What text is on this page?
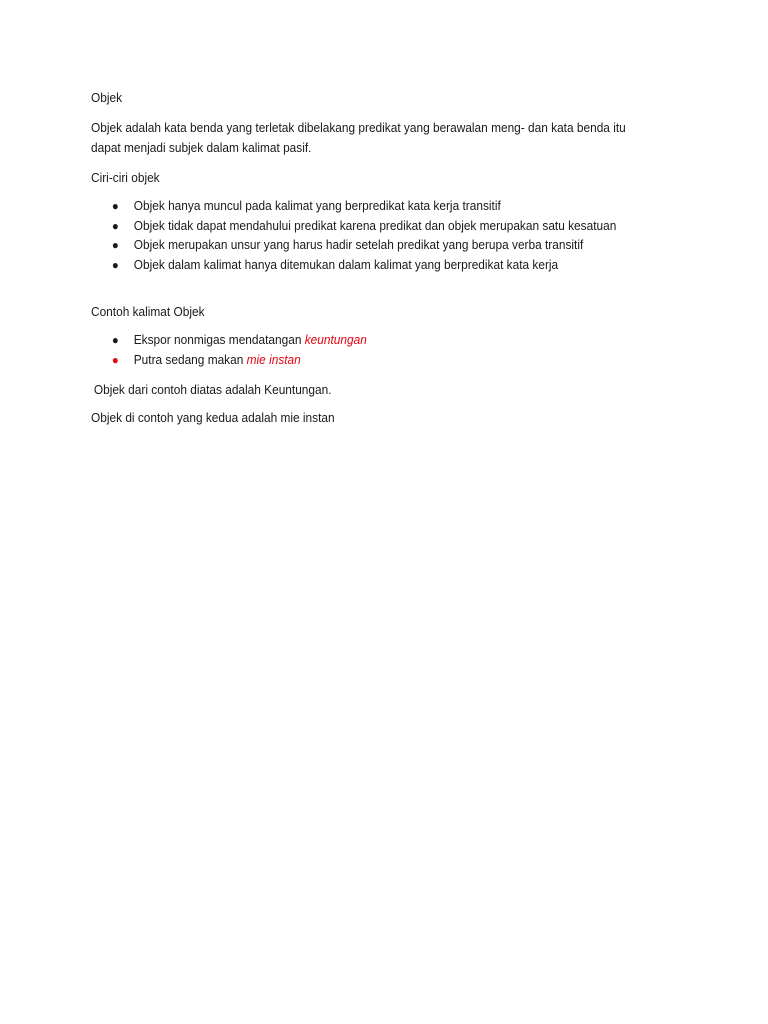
Objek

Objek adalah kata benda yang terletak dibelakang predikat yang berawalan meng- dan kata benda itu

dapat menjadi subjek dalam kalimat pasif.

Ciri-ciri objek

● Objek hanya muncul pada kalimat yang berpredikat kata kerja transitif
● Objek tidak dapat mendahului predikat karena predikat dan objek merupakan satu kesatuan
● Objek merupakan unsur yang harus hadir setelah predikat yang berupa verba transitif
● Objek dalam kalimat hanya ditemukan dalam kalimat yang berpredikat kata kerja

Contoh kalimat Objek

● Ekspor nonmigas mendatangan keuntungan
● Putra sedang makan mie instan

Objek dari contoh diatas adalah Keuntungan.

Objek di contoh yang kedua adalah mie instan
